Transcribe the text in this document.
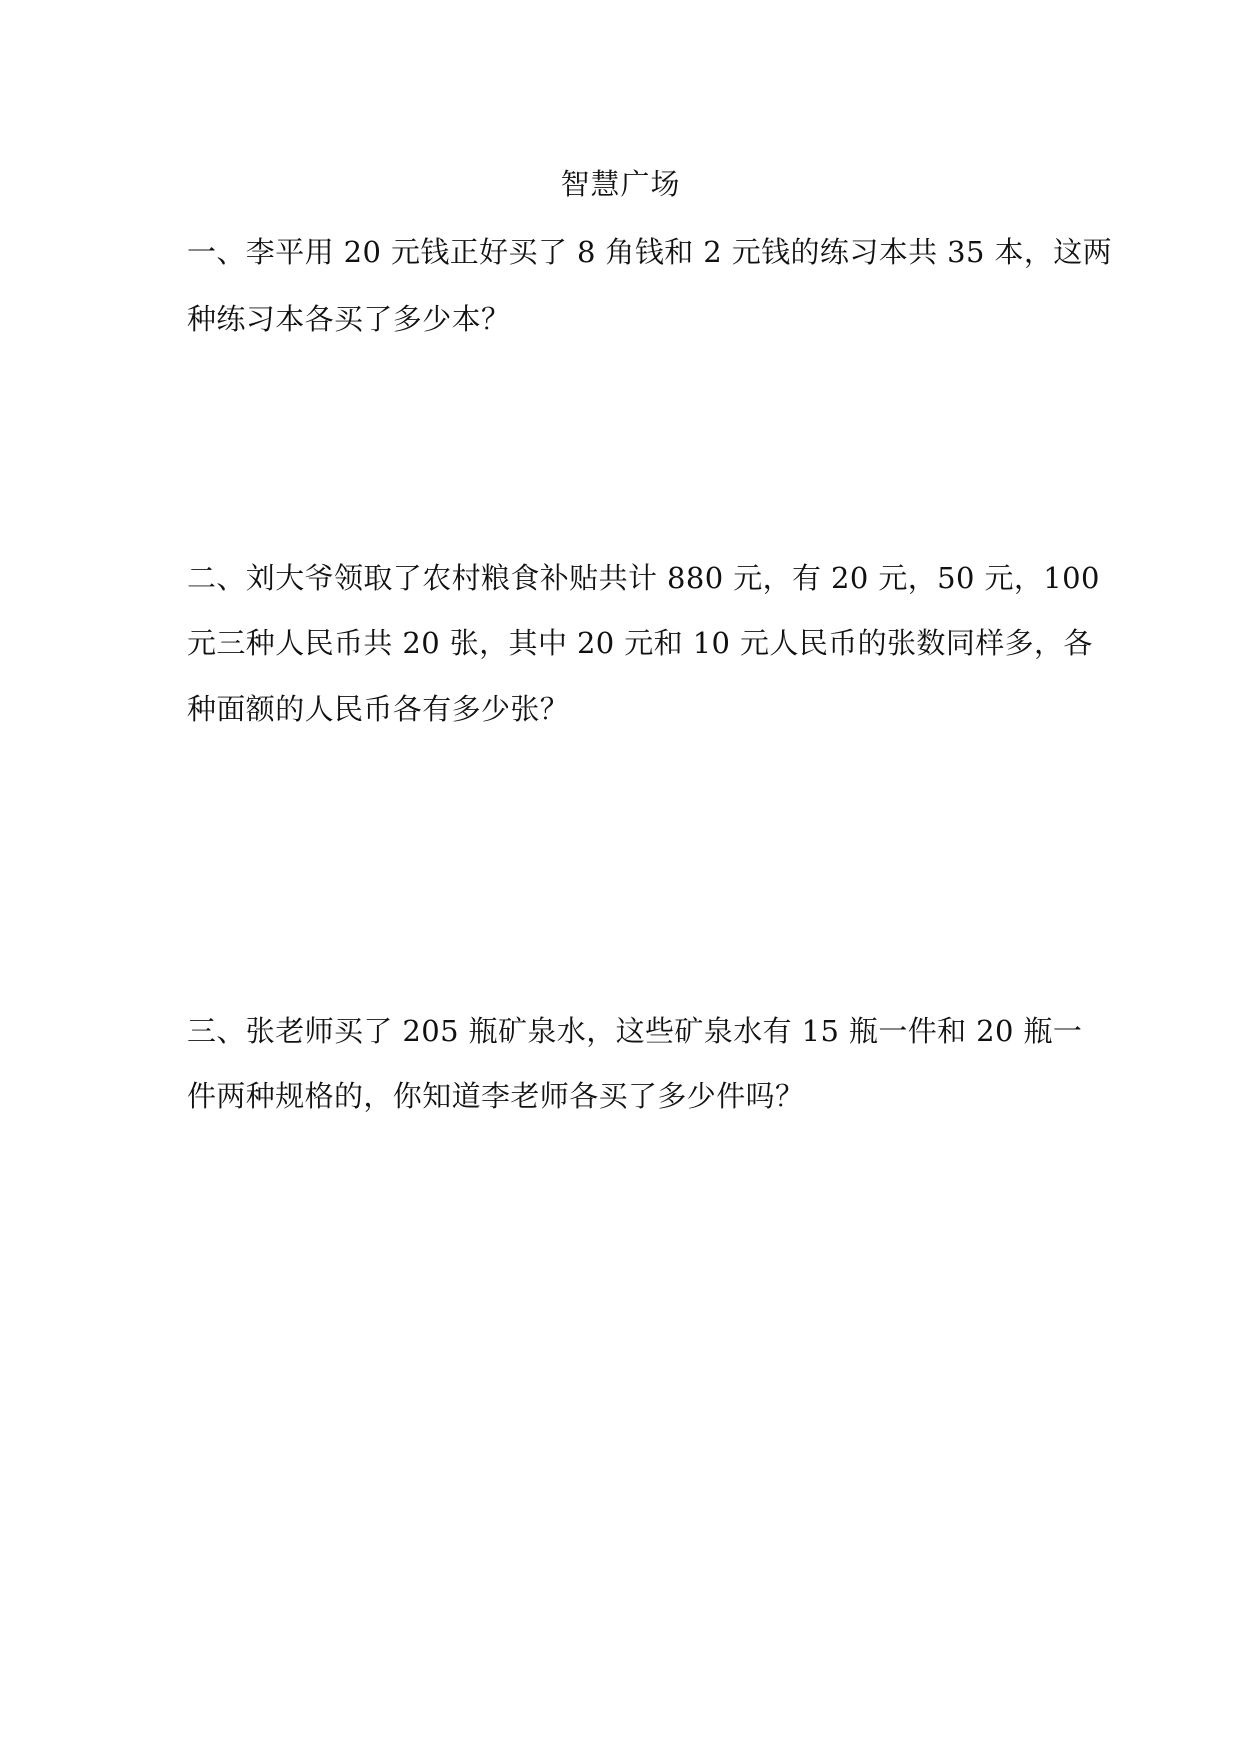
智慧广场
一、李平用 20 元钱正好买了 8 角钱和 2 元钱的练习本共 35 本，这两
种练习本各买了多少本？
二、刘大爷领取了农村粮食补贴共计 880 元，有 20 元，50 元，100
元三种人民币共 20 张，其中 20 元和 10 元人民币的张数同样多，各
种面额的人民币各有多少张？
三、张老师买了 205 瓶矿泉水，这些矿泉水有 15 瓶一件和 20 瓶一
件两种规格的，你知道李老师各买了多少件吗？
